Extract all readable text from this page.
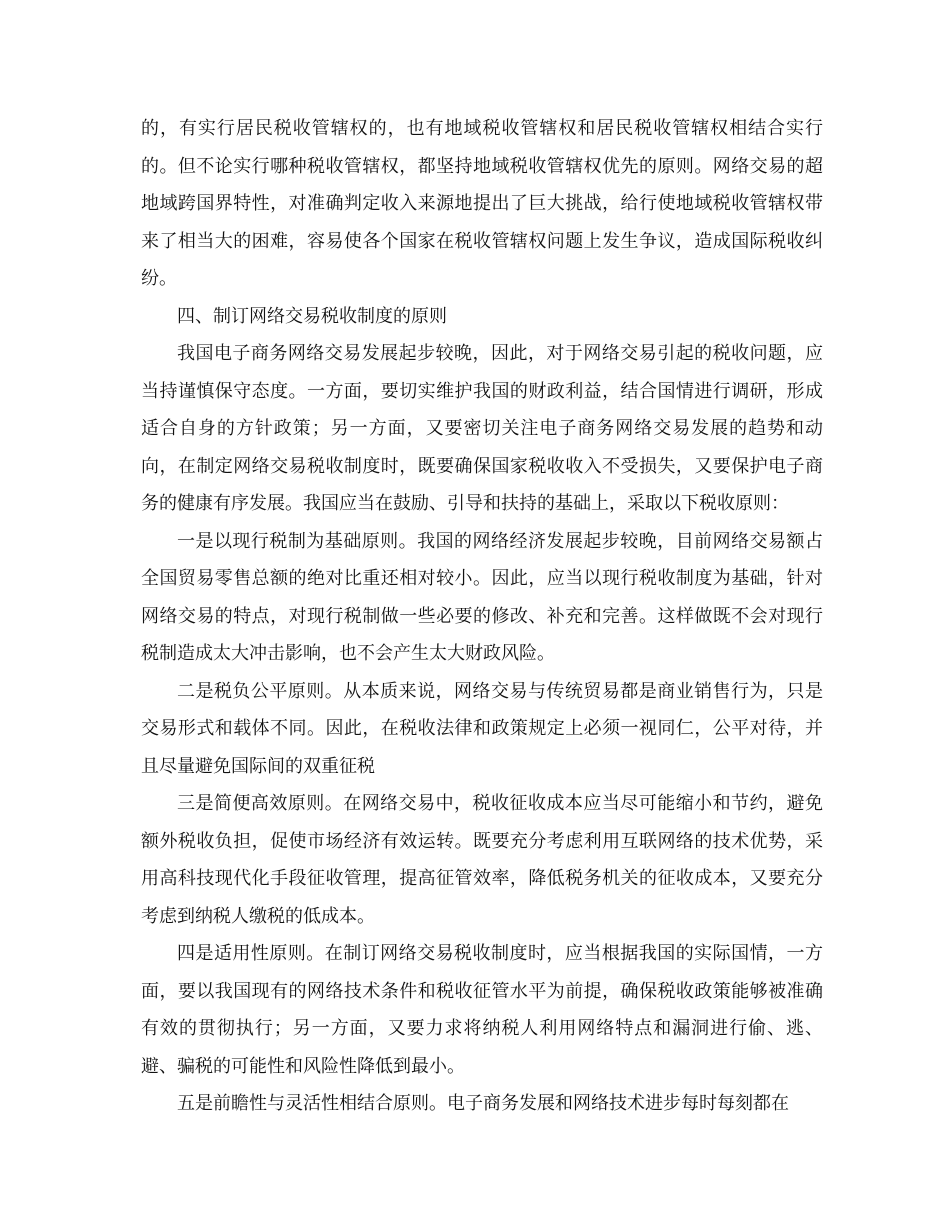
的，有实行居民税收管辖权的，也有地域税收管辖权和居民税收管辖权相结合实行的。但不论实行哪种税收管辖权，都坚持地域税收管辖权优先的原则。网络交易的超地域跨国界特性，对准确判定收入来源地提出了巨大挑战，给行使地域税收管辖权带来了相当大的困难，容易使各个国家在税收管辖权问题上发生争议，造成国际税收纠纷。

四、制订网络交易税收制度的原则

我国电子商务网络交易发展起步较晚，因此，对于网络交易引起的税收问题，应当持谨慎保守态度。一方面，要切实维护我国的财政利益，结合国情进行调研，形成适合自身的方针政策；另一方面，又要密切关注电子商务网络交易发展的趋势和动向，在制定网络交易税收制度时，既要确保国家税收收入不受损失，又要保护电子商务的健康有序发展。我国应当在鼓励、引导和扶持的基础上，采取以下税收原则：

一是以现行税制为基础原则。我国的网络经济发展起步较晚，目前网络交易额占全国贸易零售总额的绝对比重还相对较小。因此，应当以现行税收制度为基础，针对网络交易的特点，对现行税制做一些必要的修改、补充和完善。这样做既不会对现行税制造成太大冲击影响，也不会产生太大财政风险。

二是税负公平原则。从本质来说，网络交易与传统贸易都是商业销售行为，只是交易形式和载体不同。因此，在税收法律和政策规定上必须一视同仁，公平对待，并且尽量避免国际间的双重征税

三是简便高效原则。在网络交易中，税收征收成本应当尽可能缩小和节约，避免额外税收负担，促使市场经济有效运转。既要充分考虑利用互联网络的技术优势，采用高科技现代化手段征收管理，提高征管效率，降低税务机关的征收成本，又要充分考虑到纳税人缴税的低成本。

四是适用性原则。在制订网络交易税收制度时，应当根据我国的实际国情，一方面，要以我国现有的网络技术条件和税收征管水平为前提，确保税收政策能够被准确有效的贯彻执行；另一方面，又要力求将纳税人利用网络特点和漏洞进行偷、逃、避、骗税的可能性和风险性降低到最小。

五是前瞻性与灵活性相结合原则。电子商务发展和网络技术进步每时每刻都在
